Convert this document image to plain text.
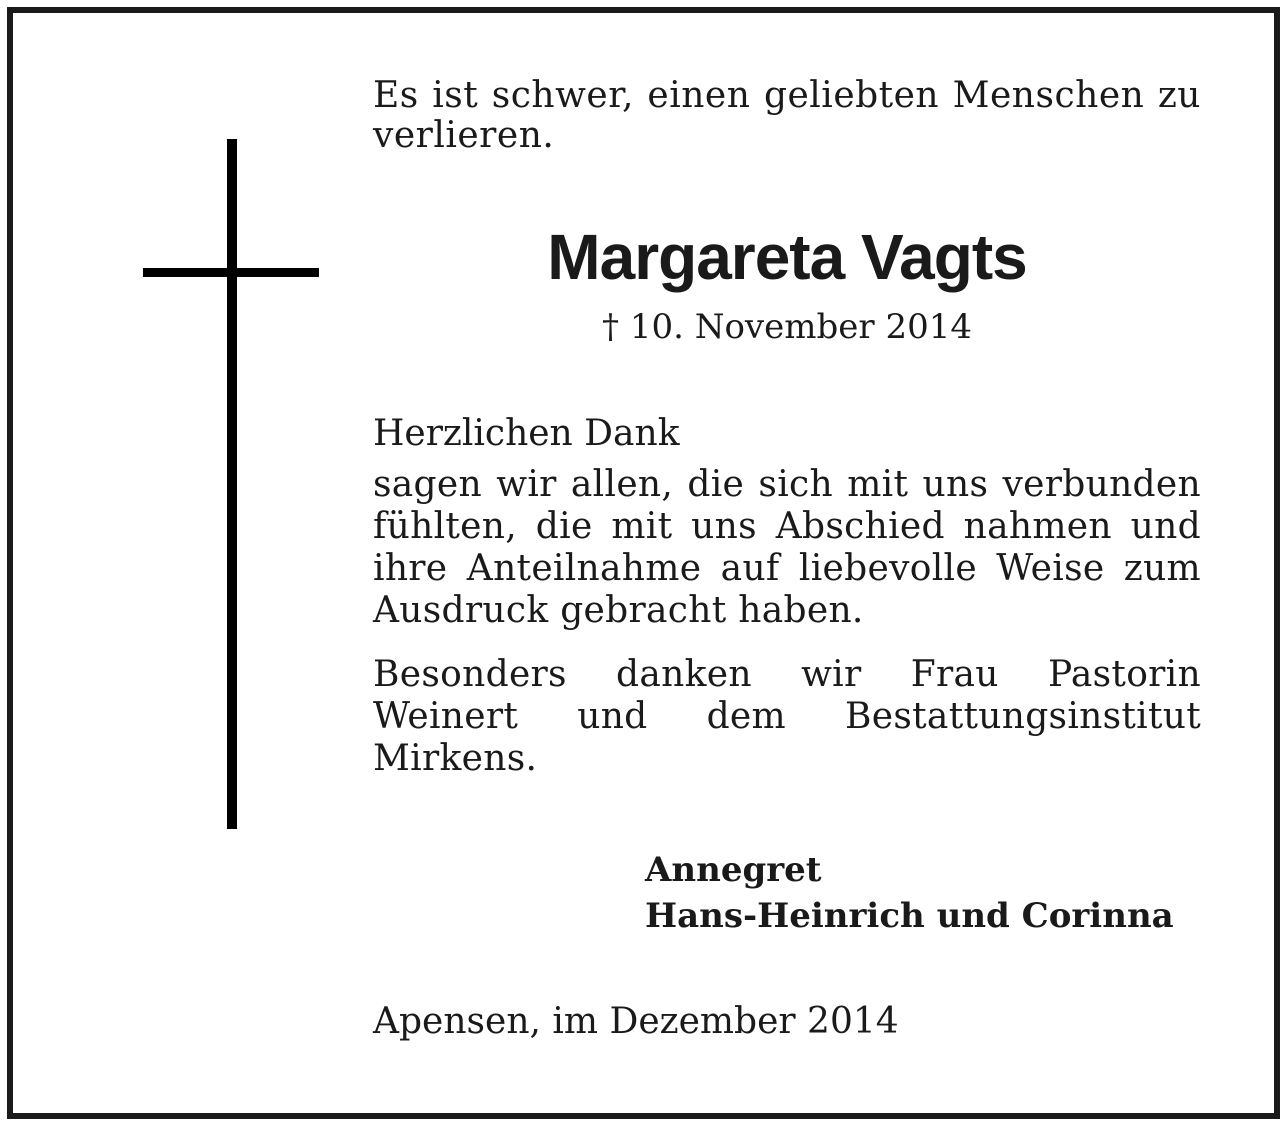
Es ist schwer, einen geliebten Menschen zu verlieren.

Margareta Vagts

† 10. November 2014

Herzlichen Dank

sagen wir allen, die sich mit uns verbunden fühlten, die mit uns Abschied nahmen und ihre Anteilnahme auf liebevolle Weise zum Ausdruck gebracht haben.

Besonders danken wir Frau Pastorin Weinert und dem Bestattungsinstitut Mirkens.

Annegret
Hans-Heinrich und Corinna

Apensen, im Dezember 2014
